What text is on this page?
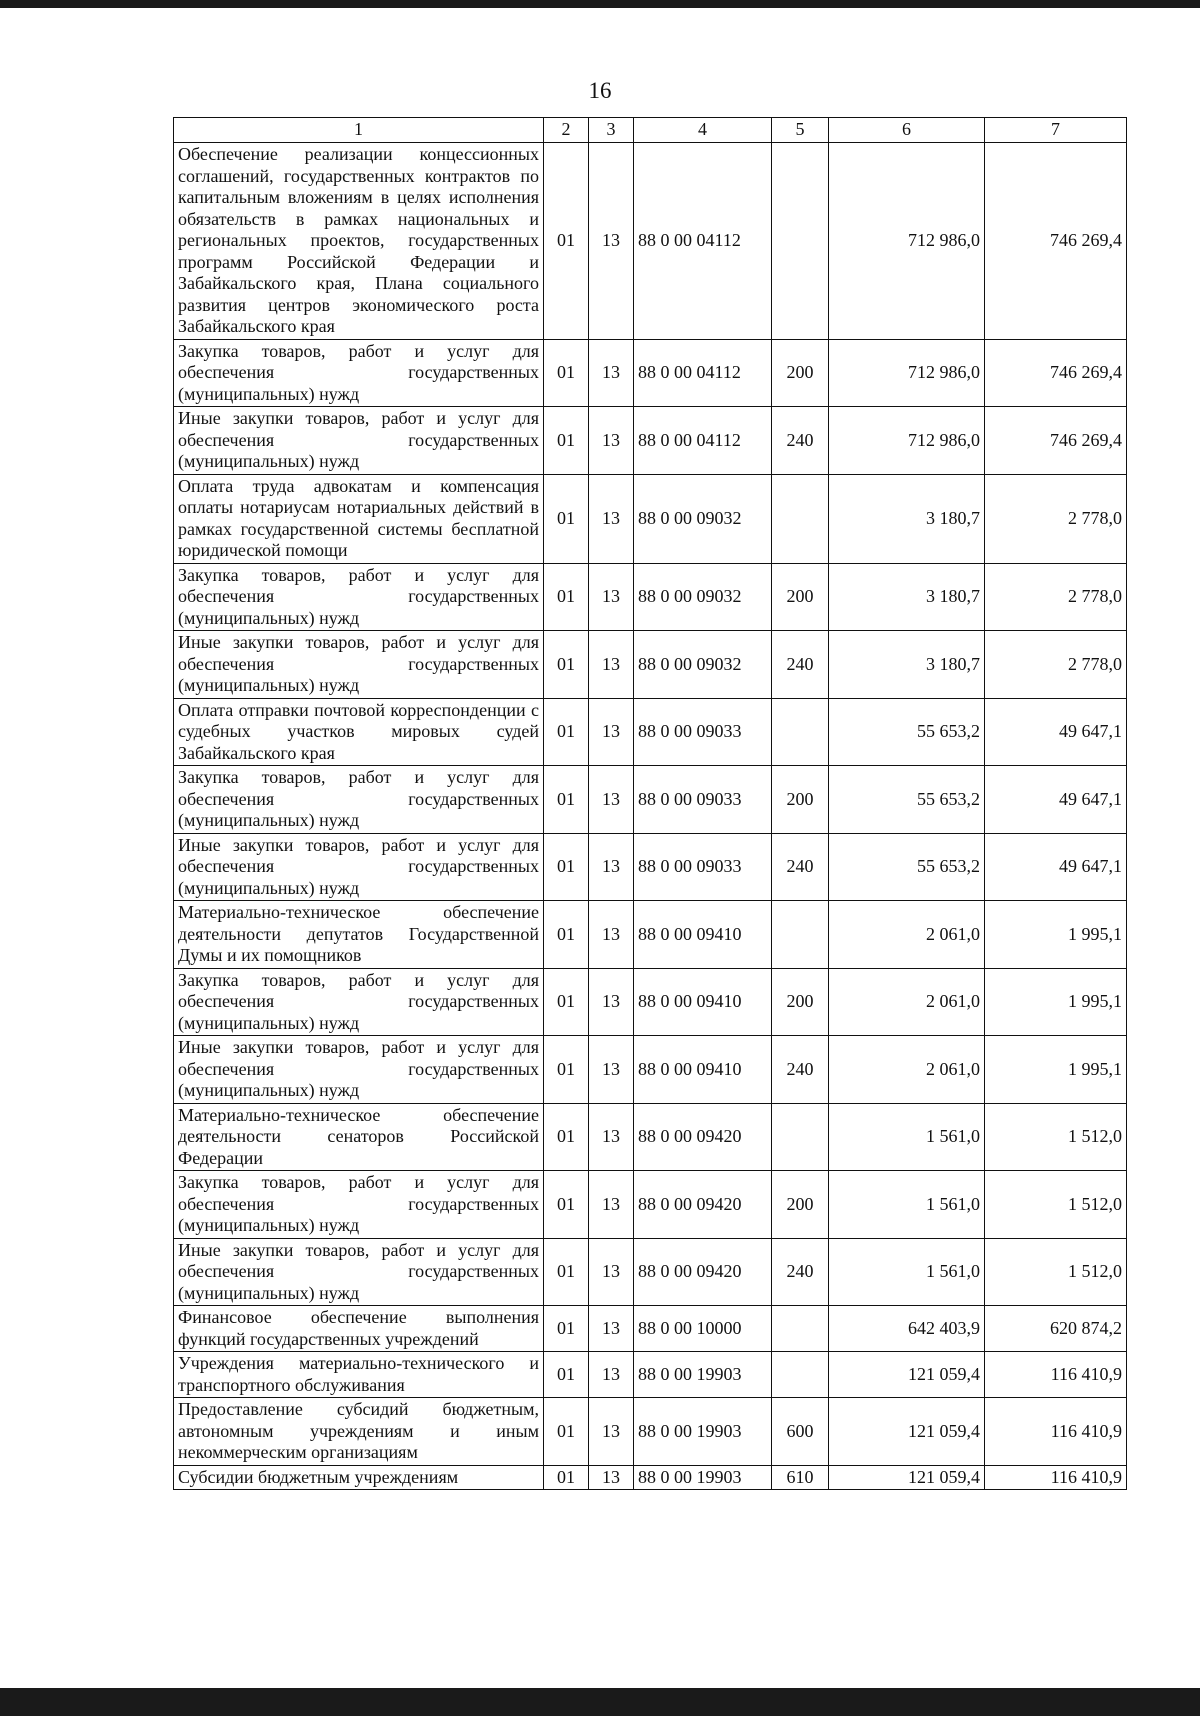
16
1	2	3	4	5	6	7
Обеспечение реализации концессионных соглашений, государственных контрактов по капитальным вложениям в целях исполнения обязательств в рамках национальных и региональных проектов, государственных программ Российской Федерации и Забайкальского края, Плана социального развития центров экономического роста Забайкальского края	01	13	88 0 00 04112		712 986,0	746 269,4
Закупка товаров, работ и услуг для обеспечения государственных (муниципальных) нужд	01	13	88 0 00 04112	200	712 986,0	746 269,4
Иные закупки товаров, работ и услуг для обеспечения государственных (муниципальных) нужд	01	13	88 0 00 04112	240	712 986,0	746 269,4
Оплата труда адвокатам и компенсация оплаты нотариусам нотариальных действий в рамках государственной системы бесплатной юридической помощи	01	13	88 0 00 09032		3 180,7	2 778,0
Закупка товаров, работ и услуг для обеспечения государственных (муниципальных) нужд	01	13	88 0 00 09032	200	3 180,7	2 778,0
Иные закупки товаров, работ и услуг для обеспечения государственных (муниципальных) нужд	01	13	88 0 00 09032	240	3 180,7	2 778,0
Оплата отправки почтовой корреспонденции с судебных участков мировых судей Забайкальского края	01	13	88 0 00 09033		55 653,2	49 647,1
Закупка товаров, работ и услуг для обеспечения государственных (муниципальных) нужд	01	13	88 0 00 09033	200	55 653,2	49 647,1
Иные закупки товаров, работ и услуг для обеспечения государственных (муниципальных) нужд	01	13	88 0 00 09033	240	55 653,2	49 647,1
Материально-техническое обеспечение деятельности депутатов Государственной Думы и их помощников	01	13	88 0 00 09410		2 061,0	1 995,1
Закупка товаров, работ и услуг для обеспечения государственных (муниципальных) нужд	01	13	88 0 00 09410	200	2 061,0	1 995,1
Иные закупки товаров, работ и услуг для обеспечения государственных (муниципальных) нужд	01	13	88 0 00 09410	240	2 061,0	1 995,1
Материально-техническое обеспечение деятельности сенаторов Российской Федерации	01	13	88 0 00 09420		1 561,0	1 512,0
Закупка товаров, работ и услуг для обеспечения государственных (муниципальных) нужд	01	13	88 0 00 09420	200	1 561,0	1 512,0
Иные закупки товаров, работ и услуг для обеспечения государственных (муниципальных) нужд	01	13	88 0 00 09420	240	1 561,0	1 512,0
Финансовое обеспечение выполнения функций государственных учреждений	01	13	88 0 00 10000		642 403,9	620 874,2
Учреждения материально-технического и транспортного обслуживания	01	13	88 0 00 19903		121 059,4	116 410,9
Предоставление субсидий бюджетным, автономным учреждениям и иным некоммерческим организациям	01	13	88 0 00 19903	600	121 059,4	116 410,9
Субсидии бюджетным учреждениям	01	13	88 0 00 19903	610	121 059,4	116 410,9
